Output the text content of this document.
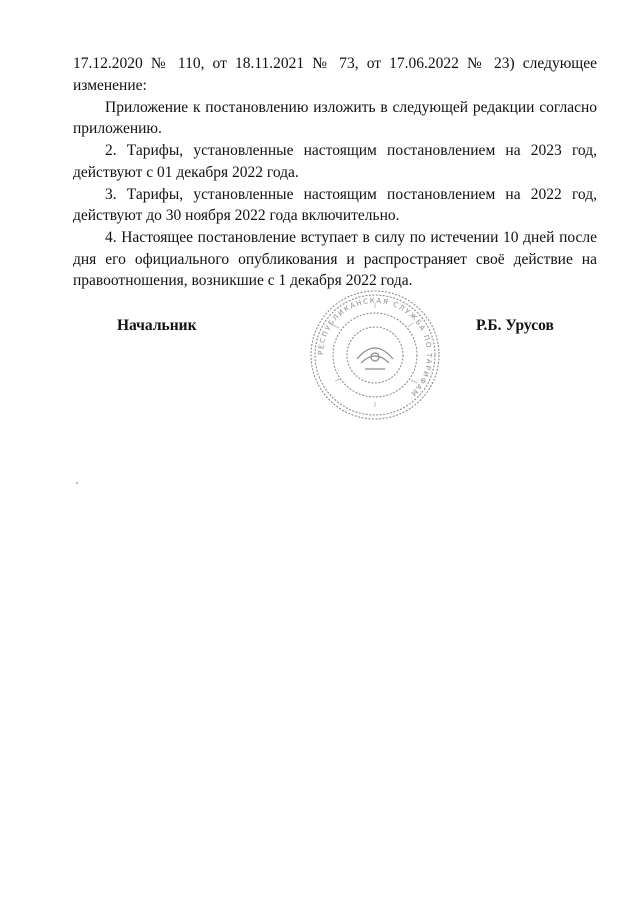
17.12.2020 № 110, от 18.11.2021 № 73, от 17.06.2022 № 23) следующее изменение:

Приложение к постановлению изложить в следующей редакции согласно приложению.

2. Тарифы, установленные настоящим постановлением на 2023 год, действуют с 01 декабря 2022 года.

3. Тарифы, установленные настоящим постановлением на 2022 год, действуют до 30 ноября 2022 года включительно.

4. Настоящее постановление вступает в силу по истечении 10 дней после дня его официального опубликования и распространяет своё действие на правоотношения, возникшие с 1 декабря 2022 года.

Начальник
РЕСПУБЛИКАНСКАЯ СЛУЖБА ПО ТАРИФАМ
Р.Б. Урусов
